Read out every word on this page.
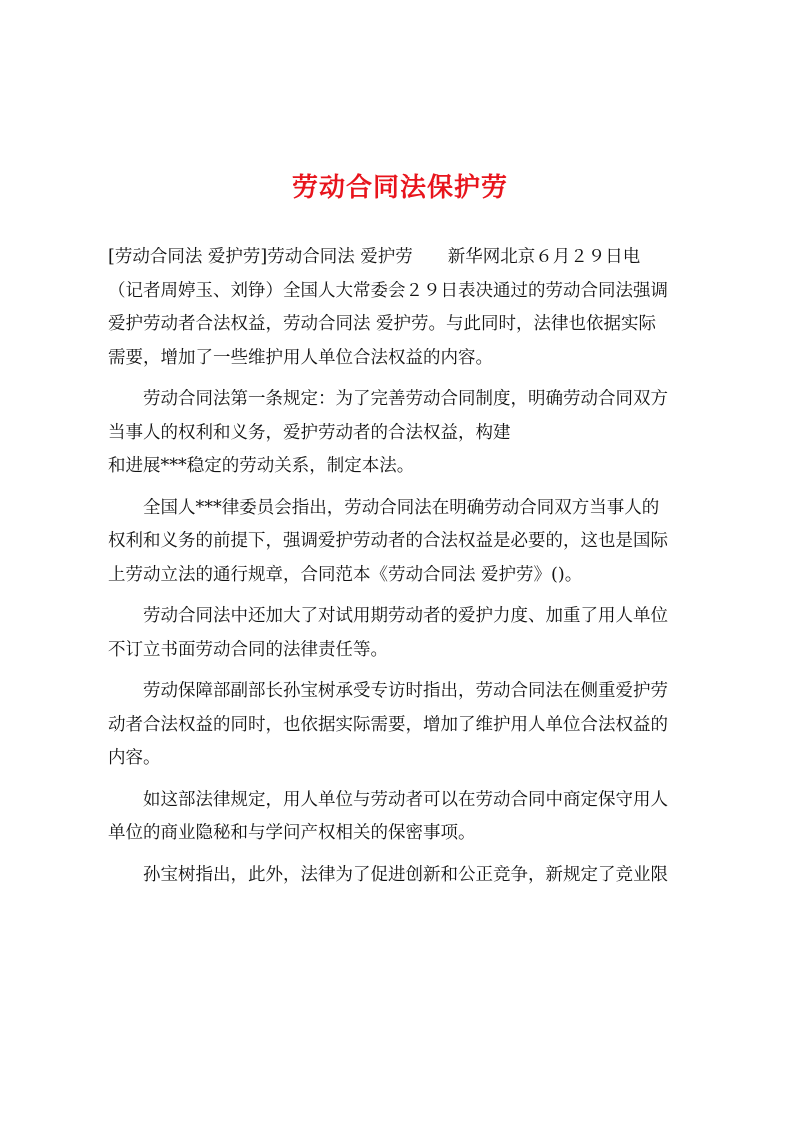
劳动合同法保护劳

[劳动合同法 爱护劳]劳动合同法 爱护劳　　新华网北京６月２９日电
（记者周婷玉、刘铮）全国人大常委会２９日表决通过的劳动合同法强调
爱护劳动者合法权益，劳动合同法 爱护劳。与此同时，法律也依据实际
需要，增加了一些维护用人单位合法权益的内容。

劳动合同法第一条规定：为了完善劳动合同制度，明确劳动合同双方
当事人的权利和义务，爱护劳动者的合法权益，构建
和进展***稳定的劳动关系，制定本法。

全国人***律委员会指出，劳动合同法在明确劳动合同双方当事人的
权利和义务的前提下，强调爱护劳动者的合法权益是必要的，这也是国际
上劳动立法的通行规章，合同范本《劳动合同法 爱护劳》()。

劳动合同法中还加大了对试用期劳动者的爱护力度、加重了用人单位
不订立书面劳动合同的法律责任等。

劳动保障部副部长孙宝树承受专访时指出，劳动合同法在侧重爱护劳
动者合法权益的同时，也依据实际需要，增加了维护用人单位合法权益的
内容。

如这部法律规定，用人单位与劳动者可以在劳动合同中商定保守用人
单位的商业隐秘和与学问产权相关的保密事项。

孙宝树指出，此外，法律为了促进创新和公正竞争，新规定了竞业限
